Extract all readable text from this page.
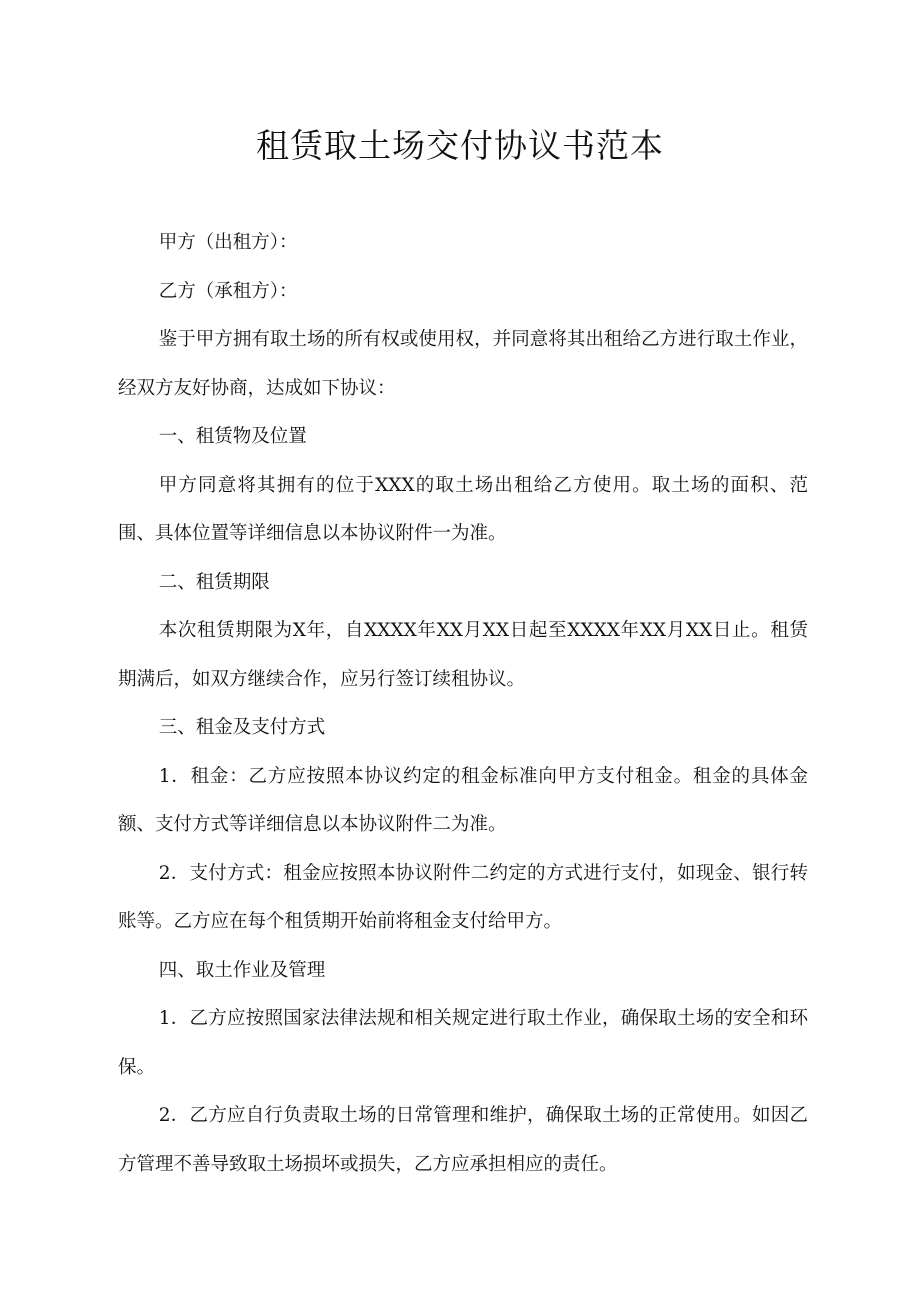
租赁取土场交付协议书范本

甲方（出租方）：

乙方（承租方）：

鉴于甲方拥有取土场的所有权或使用权，并同意将其出租给乙方进行取土作业，经双方友好协商，达成如下协议：

一、租赁物及位置

甲方同意将其拥有的位于XXX的取土场出租给乙方使用。取土场的面积、范围、具体位置等详细信息以本协议附件一为准。

二、租赁期限

本次租赁期限为X年，自XXXX年XX月XX日起至XXXX年XX月XX日止。租赁期满后，如双方继续合作，应另行签订续租协议。

三、租金及支付方式

1．租金：乙方应按照本协议约定的租金标准向甲方支付租金。租金的具体金额、支付方式等详细信息以本协议附件二为准。

2．支付方式：租金应按照本协议附件二约定的方式进行支付，如现金、银行转账等。乙方应在每个租赁期开始前将租金支付给甲方。

四、取土作业及管理

1．乙方应按照国家法律法规和相关规定进行取土作业，确保取土场的安全和环保。

2．乙方应自行负责取土场的日常管理和维护，确保取土场的正常使用。如因乙方管理不善导致取土场损坏或损失，乙方应承担相应的责任。
